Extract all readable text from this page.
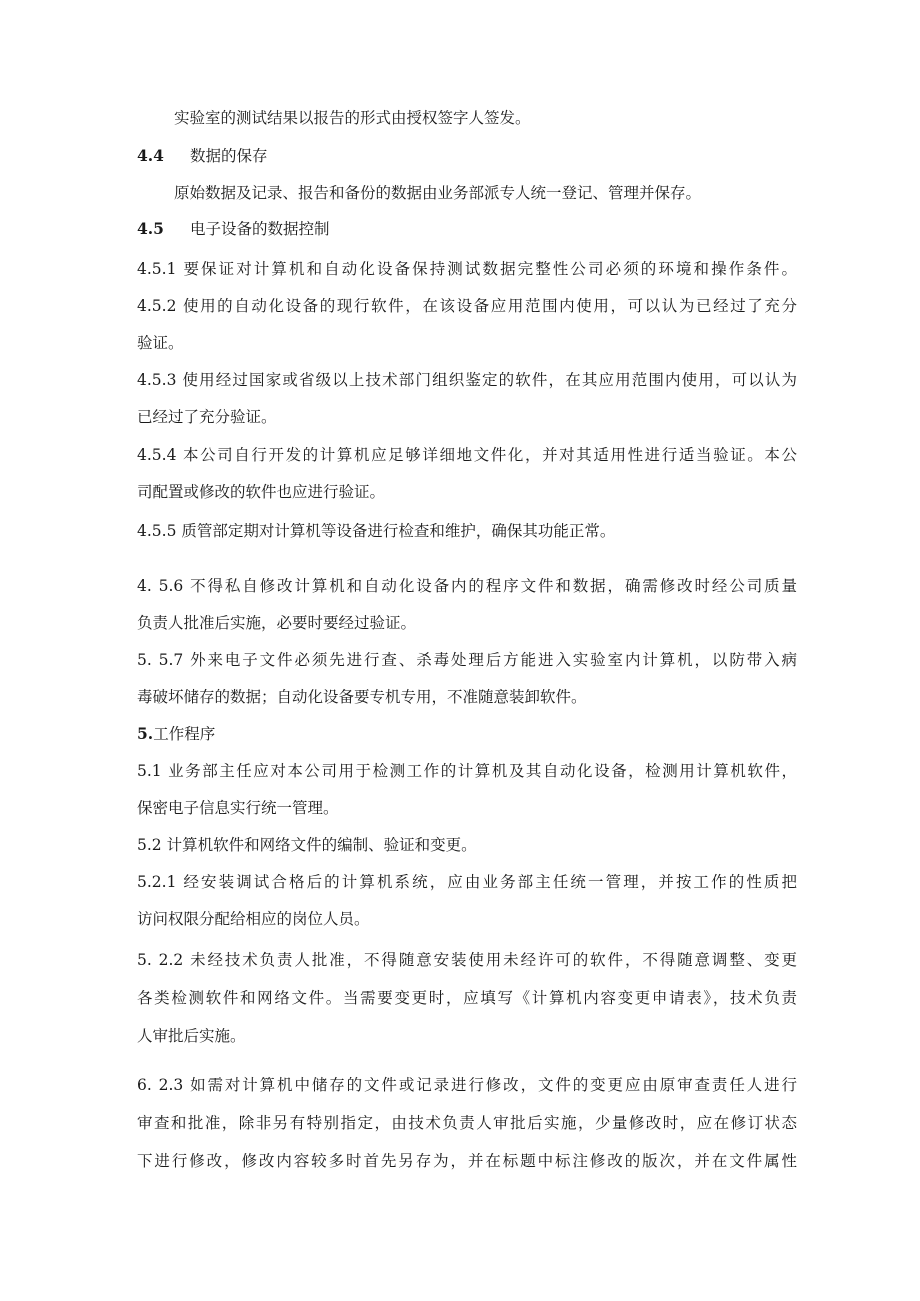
实验室的测试结果以报告的形式由授权签字人签发。
4.4 数据的保存
原始数据及记录、报告和备份的数据由业务部派专人统一登记、管理并保存。
4.5 电子设备的数据控制
4.5.1 要保证对计算机和自动化设备保持测试数据完整性公司必须的环境和操作条件。
4.5.2 使用的自动化设备的现行软件，在该设备应用范围内使用，可以认为已经过了充分
验证。
4.5.3 使用经过国家或省级以上技术部门组织鉴定的软件，在其应用范围内使用，可以认为
已经过了充分验证。
4.5.4 本公司自行开发的计算机应足够详细地文件化，并对其适用性进行适当验证。本公
司配置或修改的软件也应进行验证。
4.5.5 质管部定期对计算机等设备进行检查和维护，确保其功能正常。
4. 5.6 不得私自修改计算机和自动化设备内的程序文件和数据，确需修改时经公司质量
负责人批准后实施，必要时要经过验证。
5. 5.7 外来电子文件必须先进行查、杀毒处理后方能进入实验室内计算机，以防带入病
毒破坏储存的数据；自动化设备要专机专用，不准随意装卸软件。
5.工作程序
5.1 业务部主任应对本公司用于检测工作的计算机及其自动化设备，检测用计算机软件，
保密电子信息实行统一管理。
5.2 计算机软件和网络文件的编制、验证和变更。
5.2.1 经安装调试合格后的计算机系统，应由业务部主任统一管理，并按工作的性质把
访问权限分配给相应的岗位人员。
5. 2.2 未经技术负责人批准，不得随意安装使用未经许可的软件，不得随意调整、变更
各类检测软件和网络文件。当需要变更时，应填写《计算机内容变更申请表》，技术负责
人审批后实施。
6. 2.3 如需对计算机中储存的文件或记录进行修改，文件的变更应由原审查责任人进行
审查和批准，除非另有特别指定，由技术负责人审批后实施，少量修改时，应在修订状态
下进行修改，修改内容较多时首先另存为，并在标题中标注修改的版次，并在文件属性
